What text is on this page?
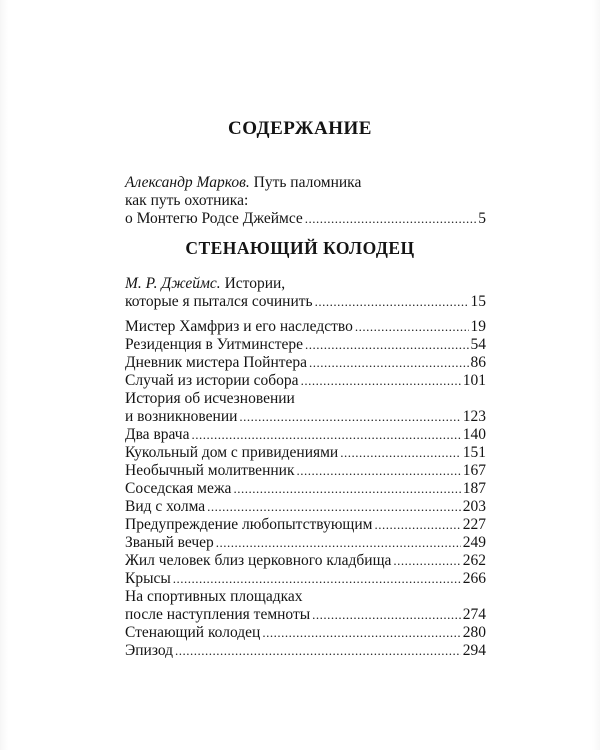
СОДЕРЖАНИЕ
Александр Марков. Путь паломника
как путь охотника:
о Монтегю Родсе Джеймсе .....	5
СТЕНАЮЩИЙ КОЛОДЕЦ
М. Р. Джеймс. Истории,
которые я пытался сочинить .....	15
Мистер Хамфриз и его наследство .....	19
Резиденция в Уитминстере .....	54
Дневник мистера Пойнтера .....	86
Случай из истории собора .....	101
История об исчезновении
и возникновении .....	123
Два врача .....	140
Кукольный дом с привидениями .....	151
Необычный молитвенник .....	167
Соседская межа .....	187
Вид с холма .....	203
Предупреждение любопытствующим .....	227
Званый вечер .....	249
Жил человек близ церковного кладбища .....	262
Крысы .....	266
На спортивных площадках
после наступления темноты .....	274
Стенающий колодец .....	280
Эпизод .....	294
